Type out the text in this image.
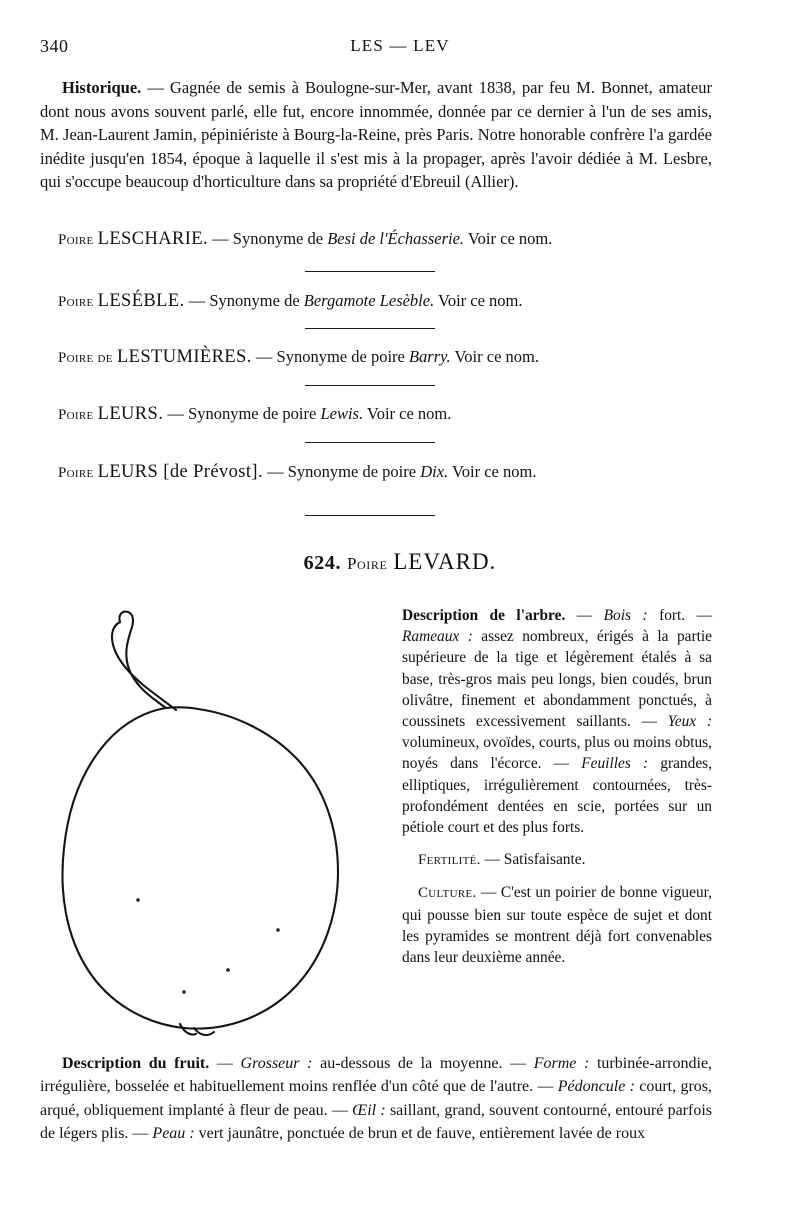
LES — LEV
340
Historique. — Gagnée de semis à Boulogne-sur-Mer, avant 1838, par feu M. Bonnet, amateur dont nous avons souvent parlé, elle fut, encore innommée, donnée par ce dernier à l'un de ses amis, M. Jean-Laurent Jamin, pépiniériste à Bourg-la-Reine, près Paris. Notre honorable confrère l'a gardée inédite jusqu'en 1854, époque à laquelle il s'est mis à la propager, après l'avoir dédiée à M. Lesbre, qui s'occupe beaucoup d'horticulture dans sa propriété d'Ebreuil (Allier).
Poire LESCHARIE. — Synonyme de Besi de l'Échasserie. Voir ce nom.
Poire LESÉBLE. — Synonyme de Bergamote Lesèble. Voir ce nom.
Poire de LESTUMIÈRES. — Synonyme de poire Barry. Voir ce nom.
Poire LEURS. — Synonyme de poire Lewis. Voir ce nom.
Poire LEURS [de Prévost]. — Synonyme de poire Dix. Voir ce nom.
624. Poire LEVARD.

Description de l'arbre. — Bois : fort. — Rameaux : assez nombreux, érigés à la partie supérieure de la tige et légèrement étalés à sa base, très-gros mais peu longs, bien coudés, brun olivâtre, finement et abondamment ponctués, à coussinets excessivement saillants. — Yeux : volumineux, ovoïdes, courts, plus ou moins obtus, noyés dans l'écorce. — Feuilles : grandes, elliptiques, irrégulièrement contournées, très-profondément dentées en scie, portées sur un pétiole court et des plus forts.

Fertilité. — Satisfaisante.

Culture. — C'est un poirier de bonne vigueur, qui pousse bien sur toute espèce de sujet et dont les pyramides se montrent déjà fort convenables dans leur deuxième année.

Description du fruit. — Grosseur : au-dessous de la moyenne. — Forme : turbinée-arrondie, irrégulière, bosselée et habituellement moins renflée d'un côté que de l'autre. — Pédoncule : court, gros, arqué, obliquement implanté à fleur de peau. — Œil : saillant, grand, souvent contourné, entouré parfois de légers plis. — Peau : vert jaunâtre, ponctuée de brun et de fauve, entièrement lavée de roux
